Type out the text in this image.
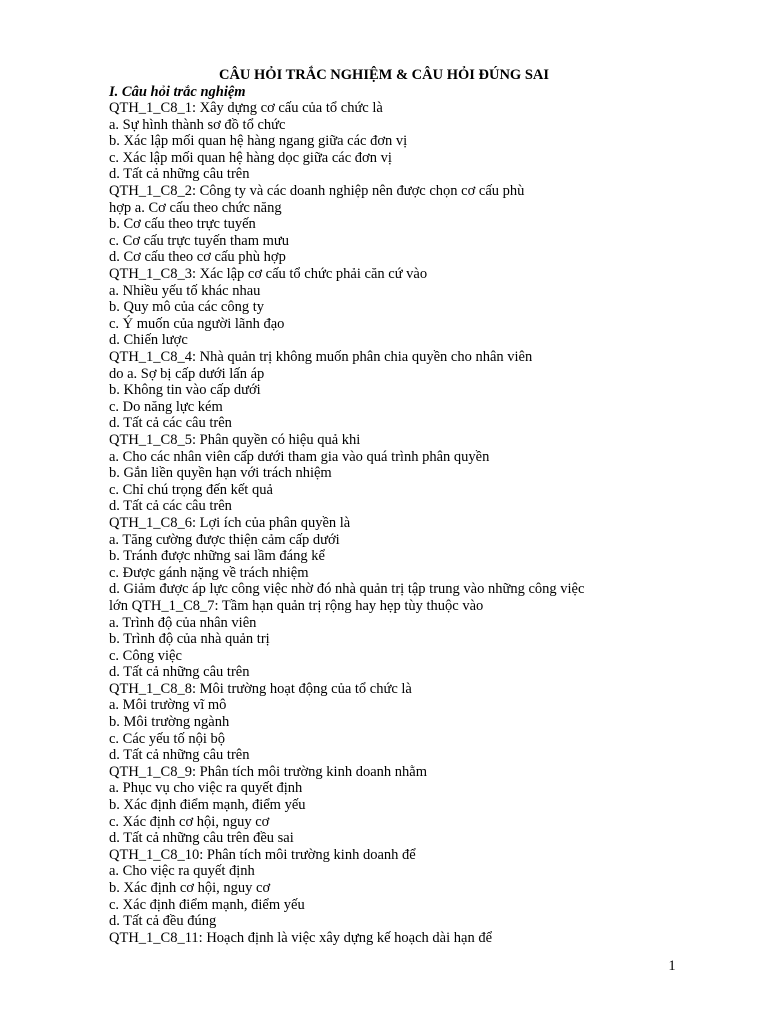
CÂU HỎI TRẮC NGHIỆM & CÂU HỎI ĐÚNG SAI
I. Câu hỏi trắc nghiệm
QTH_1_C8_1: Xây dựng cơ cấu của tổ chức là
a. Sự hình thành sơ đồ tổ chức
b. Xác lập mối quan hệ hàng ngang giữa các đơn vị
c. Xác lập mối quan hệ hàng dọc giữa các đơn vị
d. Tất cả những câu trên
QTH_1_C8_2: Công ty và các doanh nghiệp nên được chọn cơ cấu phù
hợp a. Cơ cấu theo chức năng
b. Cơ cấu theo trực tuyến
c. Cơ cấu trực tuyến tham mưu
d. Cơ cấu theo cơ cấu phù hợp
QTH_1_C8_3: Xác lập cơ cấu tổ chức phải căn cứ vào
a. Nhiều yếu tố khác nhau
b. Quy mô của các công ty
c. Ý muốn của người lãnh đạo
d. Chiến lược
QTH_1_C8_4: Nhà quản trị không muốn phân chia quyền cho nhân viên
do a. Sợ bị cấp dưới lấn áp
b. Không tin vào cấp dưới
c. Do năng lực kém
d. Tất cả các câu trên
QTH_1_C8_5: Phân quyền có hiệu quả khi
a. Cho các nhân viên cấp dưới tham gia vào quá trình phân quyền
b. Gắn liền quyền hạn với trách nhiệm
c. Chỉ chú trọng đến kết quả
d. Tất cả các câu trên
QTH_1_C8_6: Lợi ích của phân quyền là
a. Tăng cường được thiện cảm cấp dưới
b. Tránh được những sai lầm đáng kể
c. Được gánh nặng về trách nhiệm
d. Giảm được áp lực công việc nhờ đó nhà quản trị tập trung vào những công việc
lớn QTH_1_C8_7: Tầm hạn quản trị rộng hay hẹp tùy thuộc vào
a. Trình độ của nhân viên
b. Trình độ của nhà quản trị
c. Công việc
d. Tất cả những câu trên
QTH_1_C8_8: Môi trường hoạt động của tổ chức là
a. Môi trường vĩ mô
b. Môi trường ngành
c. Các yếu tố nội bộ
d. Tất cả những câu trên
QTH_1_C8_9: Phân tích môi trường kinh doanh nhằm
a. Phục vụ cho việc ra quyết định
b. Xác định điểm mạnh, điểm yếu
c. Xác định cơ hội, nguy cơ
d. Tất cả những câu trên đều sai
QTH_1_C8_10: Phân tích môi trường kinh doanh để
a. Cho việc ra quyết định
b. Xác định cơ hội, nguy cơ
c. Xác định điểm mạnh, điểm yếu
d. Tất cả đều đúng
QTH_1_C8_11: Hoạch định là việc xây dựng kế hoạch dài hạn để
1
